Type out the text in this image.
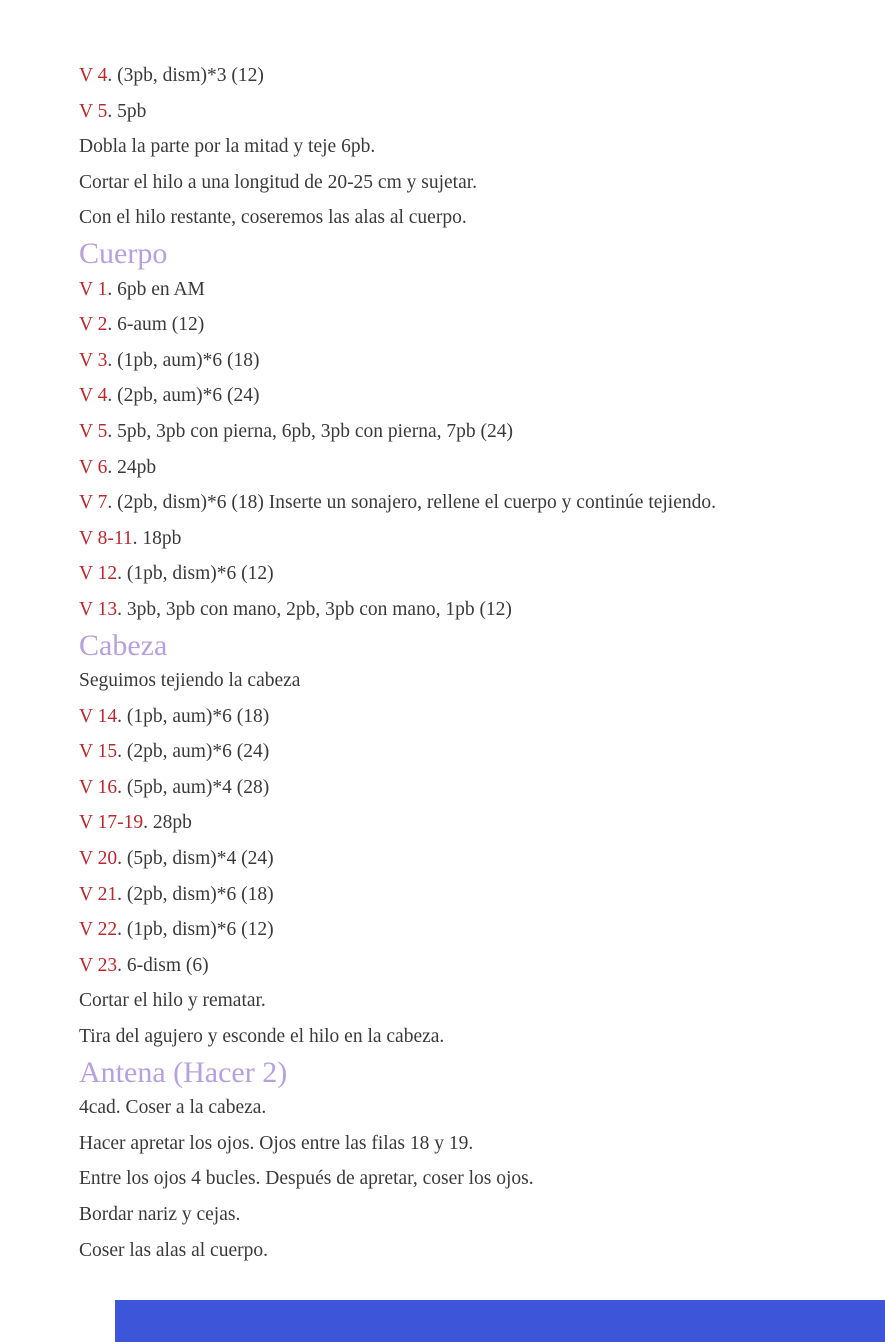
V 4. (3pb, dism)*3 (12)
V 5. 5pb
Dobla la parte por la mitad y teje 6pb.
Cortar el hilo a una longitud de 20-25 cm y sujetar.
Con el hilo restante, coseremos las alas al cuerpo.
Cuerpo
V 1. 6pb en AM
V 2. 6-aum (12)
V 3. (1pb, aum)*6 (18)
V 4. (2pb, aum)*6 (24)
V 5. 5pb, 3pb con pierna, 6pb, 3pb con pierna, 7pb (24)
V 6. 24pb
V 7. (2pb, dism)*6 (18) Inserte un sonajero, rellene el cuerpo y continúe tejiendo.
V 8-11. 18pb
V 12. (1pb, dism)*6 (12)
V 13. 3pb, 3pb con mano, 2pb, 3pb con mano, 1pb (12)
Cabeza
Seguimos tejiendo la cabeza
V 14. (1pb, aum)*6 (18)
V 15. (2pb, aum)*6 (24)
V 16. (5pb, aum)*4 (28)
V 17-19. 28pb
V 20. (5pb, dism)*4 (24)
V 21. (2pb, dism)*6 (18)
V 22. (1pb, dism)*6 (12)
V 23. 6-dism (6)
Cortar el hilo y rematar.
Tira del agujero y esconde el hilo en la cabeza.
Antena (Hacer 2)
4cad. Coser a la cabeza.
Hacer apretar los ojos. Ojos entre las filas 18 y 19.
Entre los ojos 4 bucles. Después de apretar, coser los ojos.
Bordar nariz y cejas.
Coser las alas al cuerpo.
